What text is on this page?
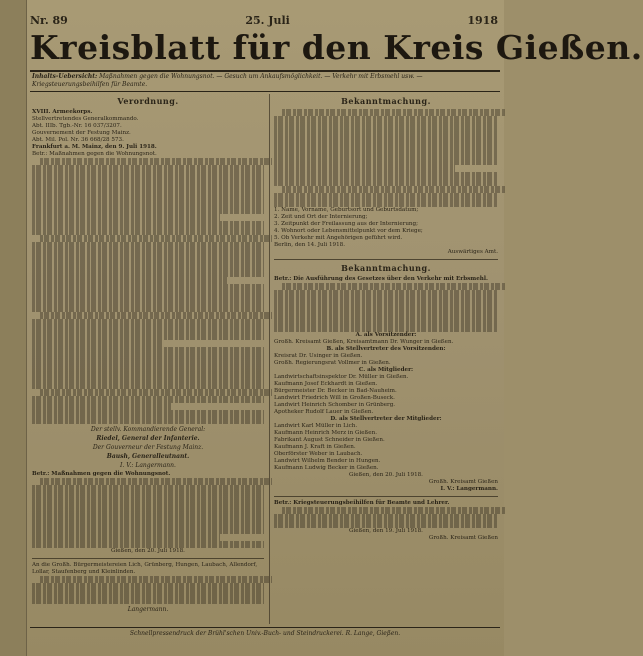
Nr. 89	25. Juli	1918
Kreisblatt für den Kreis Gießen.
Inhalts-Uebersicht: Maßnahmen gegen die Wohnungsnot. — Gesuch um Ankaufsmöglichkeit. — Verkehr mit Erbsmehl usw. — Kriegsteuerungsbeihilfen für Beamte.
Verordnung.
XVIII. Armeekorps.
Stellvertretendes Generalkommando.
Abt. IIIb. Tgb.-Nr. 16 037/3207.
Gouvernement der Festung Mainz.
Abt. Mil. Pol. Nr. 36 668/28 573.
Frankfurt a. M. Mainz, den 9. Juli 1918.
Betr.: Maßnahmen gegen die Wohnungsnot.
Der stellv. Kommandierende General:
Riedel, General der Infanterie.
Der Gouverneur der Festung Mainz.
Baush, Generalleutnant.
I. V.: Langermann.
Betr.: Maßnahmen gegen die Wohnungsnot.
Gießen, den 20. Juli 1918.
An die Großh. Bürgermeistereien Lich, Grünberg, Hungen, Laubach, Allendorf, Lollar, Staufenberg und Kleinlinden.
Langermann.
Bekanntmachung.
1. Name, Vorname, Geburtsort und Geburtsdatum;
2. Zeit und Ort der Internierung;
3. Zeitpunkt der Freilassung aus der Internierung;
4. Wohnort oder Lebensmittelpunkt vor dem Kriege;
5. Ob Verkehr mit Angehörigen geführt wird.
Berlin, den 14. Juli 1918.
Auswärtiges Amt.
Bekanntmachung.
Betr.: Die Ausführung des Gesetzes über den Verkehr mit Erbsmehl.
A. als Vorsitzender:
Großh. Kreisamt Gießen, Kreisamtmann Dr. Wunger in Gießen.
B. als Stellvertreter des Vorsitzenden:
Kreisrat Dr. Usinger in Gießen.
Großh. Regierungsrat Vollmer in Gießen.
C. als Mitglieder:
Landwirtschaftsinspektor Dr. Müller in Gießen.
Kaufmann Josef Eckhardt in Gießen.
Bürgermeister Dr. Becker in Bad-Nauheim.
Landwirt Friedrich Will in Großen-Buseck.
Landwirt Heinrich Schomber in Grünberg.
Apotheker Rudolf Lauer in Gießen.
D. als Stellvertreter der Mitglieder:
Landwirt Karl Müller in Lich.
Kaufmann Heinrich Merz in Gießen.
Fabrikant August Schneider in Gießen.
Kaufmann J. Kraft in Gießen.
Oberförster Weber in Laubach.
Landwirt Wilhelm Bender in Hungen.
Kaufmann Ludwig Becker in Gießen.
Gießen, den 20. Juli 1918.
Großh. Kreisamt Gießen
I. V.: Langermann.
Betr.: Kriegsteuerungsbeihilfen für Beamte und Lehrer.
Gießen, den 19. Juli 1918.
Großh. Kreisamt Gießen
Schnellpressendruck der Brühl'schen Univ.-Buch- und Steindruckerei. R. Lange, Gießen.
